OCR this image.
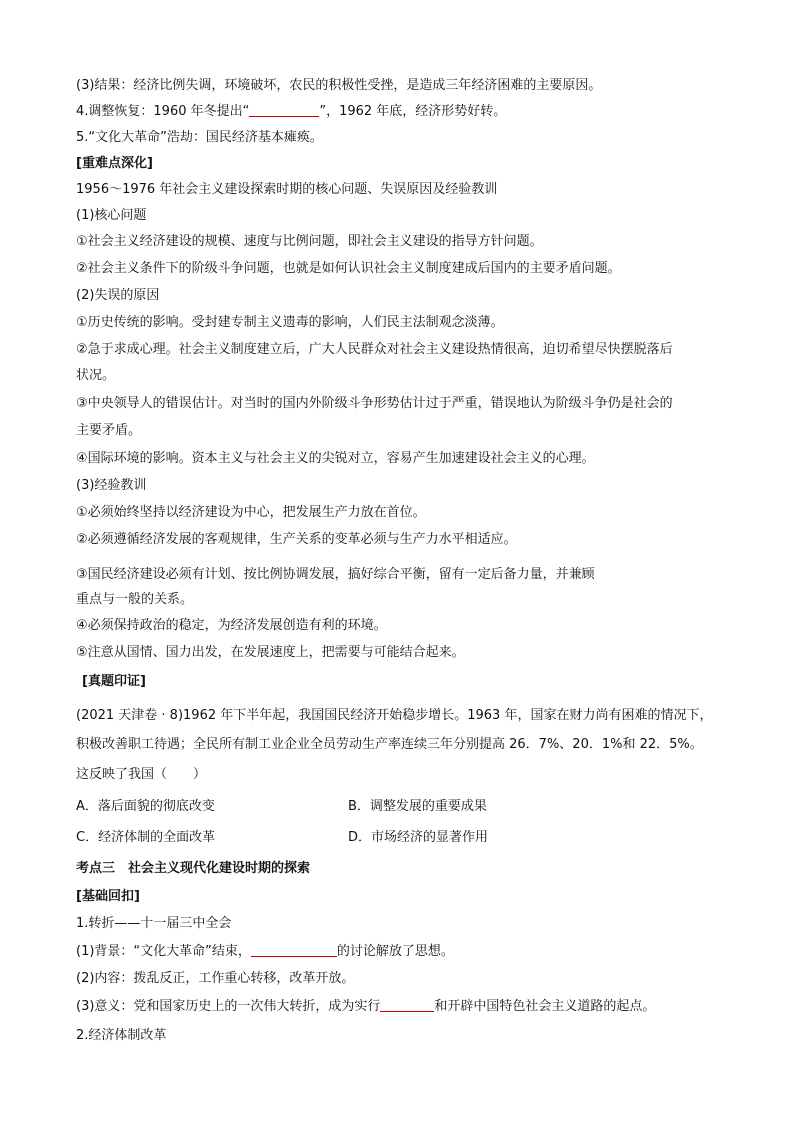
(3)结果：经济比例失调，环境破坏，农民的积极性受挫，是造成三年经济困难的主要原因。
4.调整恢复：1960 年冬提出“	”，1962 年底，经济形势好转。
5.“文化大革命”浩劫：国民经济基本瘫痪。
[重难点深化]
1956～1976 年社会主义建设探索时期的核心问题、失误原因及经验教训
(1)核心问题
①社会主义经济建设的规模、速度与比例问题，即社会主义建设的指导方针问题。
②社会主义条件下的阶级斗争问题，也就是如何认识社会主义制度建成后国内的主要矛盾问题。
(2)失误的原因
①历史传统的影响。受封建专制主义遗毒的影响，人们民主法制观念淡薄。
②急于求成心理。社会主义制度建立后，广大人民群众对社会主义建设热情很高，迫切希望尽快摆脱落后
状况。
③中央领导人的错误估计。对当时的国内外阶级斗争形势估计过于严重，错误地认为阶级斗争仍是社会的
主要矛盾。
④国际环境的影响。资本主义与社会主义的尖锐对立，容易产生加速建设社会主义的心理。
(3)经验教训
①必须始终坚持以经济建设为中心，把发展生产力放在首位。
②必须遵循经济发展的客观规律，生产关系的变革必须与生产力水平相适应。
③国民经济建设必须有计划、按比例协调发展，搞好综合平衡，留有一定后备力量，并兼顾
重点与一般的关系。
④必须保持政治的稳定，为经济发展创造有利的环境。
⑤注意从国情、国力出发，在发展速度上，把需要与可能结合起来。
[真题印证]
(2021 天津卷 · 8)1962 年下半年起，我国国民经济开始稳步增长。1963 年，国家在财力尚有困难的情况下，
积极改善职工待遇；全民所有制工业企业全员劳动生产率连续三年分别提高 26．7%、20．1%和 22．5%。
这反映了我国（　　）
A．落后面貌的彻底改变	B．调整发展的重要成果
C．经济体制的全面改革	D．市场经济的显著作用
考点三　社会主义现代化建设时期的探索
[基础回扣]
1.转折——十一届三中全会
(1)背景：“文化大革命”结束，	的讨论解放了思想。
(2)内容：拨乱反正，工作重心转移，改革开放。
(3)意义：党和国家历史上的一次伟大转折，成为实行	和开辟中国特色社会主义道路的起点。
2.经济体制改革
